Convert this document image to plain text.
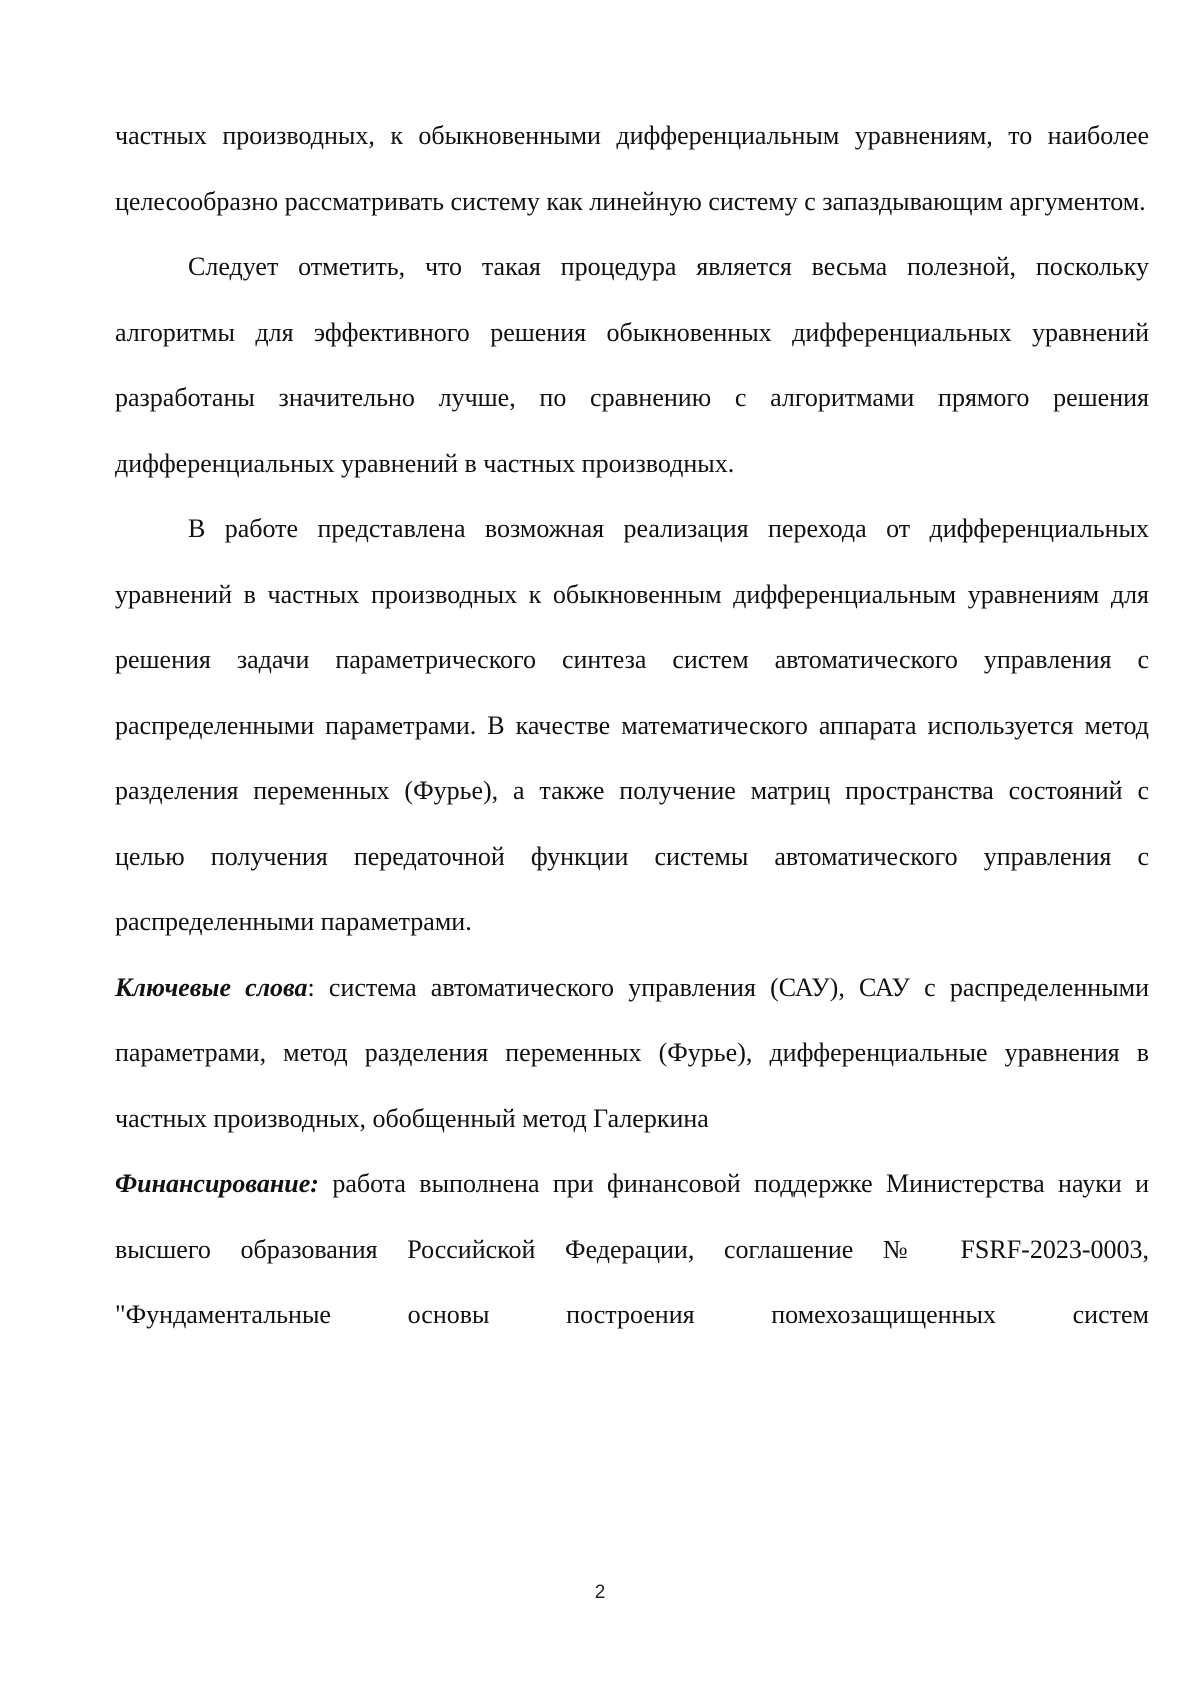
частных производных, к обыкновенными дифференциальным уравнениям, то наиболее целесообразно рассматривать систему как линейную систему с запаздывающим аргументом.

Следует отметить, что такая процедура является весьма полезной, поскольку алгоритмы для эффективного решения обыкновенных дифференциальных уравнений разработаны значительно лучше, по сравнению с алгоритмами прямого решения дифференциальных уравнений в частных производных.

В работе представлена возможная реализация перехода от дифференциальных уравнений в частных производных к обыкновенным дифференциальным уравнениям для решения задачи параметрического синтеза систем автоматического управления с распределенными параметрами. В качестве математического аппарата используется метод разделения переменных (Фурье), а также получение матриц пространства состояний с целью получения передаточной функции системы автоматического управления с распределенными параметрами.

Ключевые слова: система автоматического управления (САУ), САУ с распределенными параметрами, метод разделения переменных (Фурье), дифференциальные уравнения в частных производных, обобщенный метод Галеркина

Финансирование: работа выполнена при финансовой поддержке Министерства науки и высшего образования Российской Федерации, соглашение № FSRF-2023-0003, "Фундаментальные основы построения помехозащищенных систем

2
